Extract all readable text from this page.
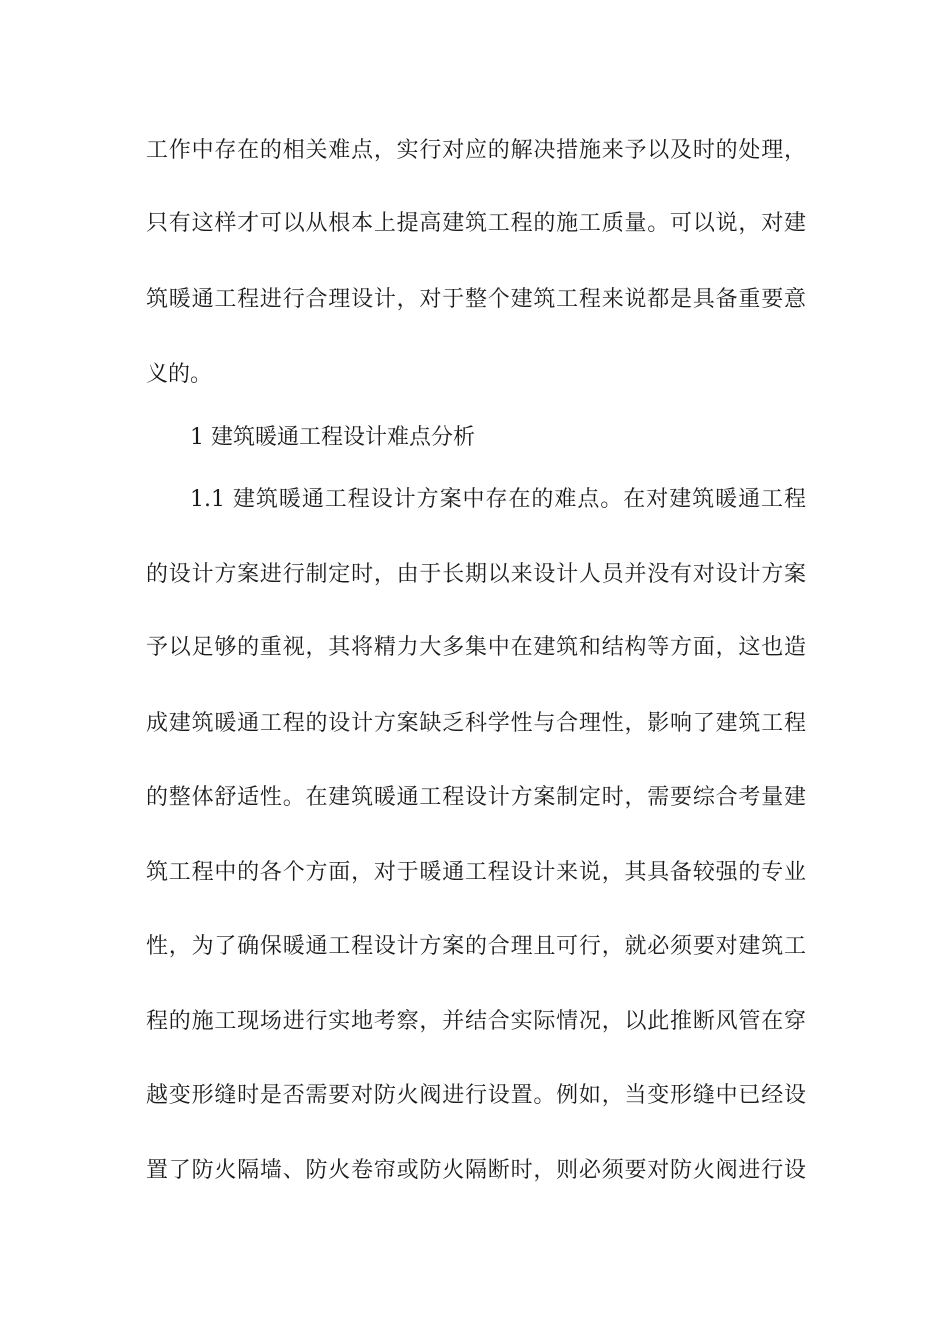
工作中存在的相关难点，实行对应的解决措施来予以及时的处理，
只有这样才可以从根本上提高建筑工程的施工质量。可以说，对建
筑暖通工程进行合理设计，对于整个建筑工程来说都是具备重要意
义的。
1 建筑暖通工程设计难点分析
1.1 建筑暖通工程设计方案中存在的难点。在对建筑暖通工程
的设计方案进行制定时，由于长期以来设计人员并没有对设计方案
予以足够的重视，其将精力大多集中在建筑和结构等方面，这也造
成建筑暖通工程的设计方案缺乏科学性与合理性，影响了建筑工程
的整体舒适性。在建筑暖通工程设计方案制定时，需要综合考量建
筑工程中的各个方面，对于暖通工程设计来说，其具备较强的专业
性，为了确保暖通工程设计方案的合理且可行，就必须要对建筑工
程的施工现场进行实地考察，并结合实际情况，以此推断风管在穿
越变形缝时是否需要对防火阀进行设置。例如，当变形缝中已经设
置了防火隔墙、防火卷帘或防火隔断时，则必须要对防火阀进行设
